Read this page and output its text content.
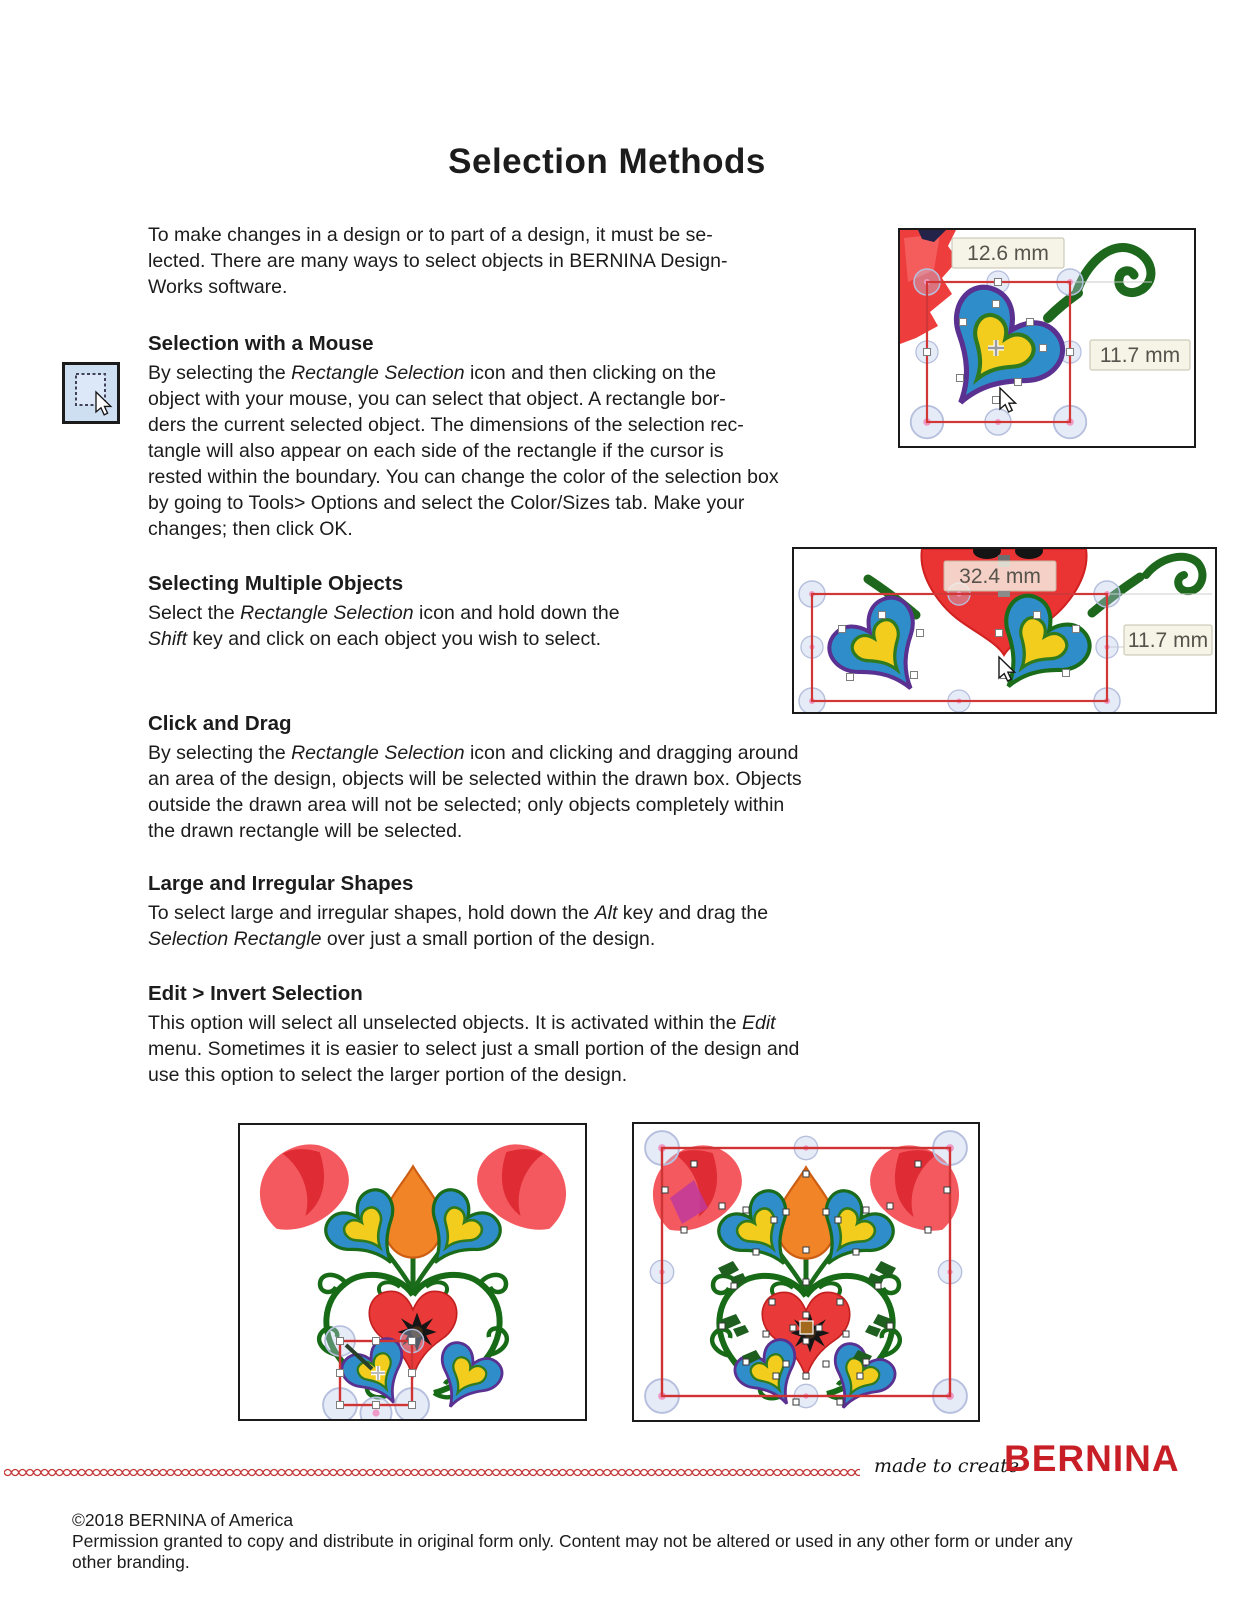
Selection Methods
To make changes in a design or to part of a design, it must be se-
lected. There are many ways to select objects in BERNINA Design-
Works software.
Selection with a Mouse
By selecting the Rectangle Selection icon and then clicking on the
object with your mouse, you can select that object. A rectangle bor-
ders the current selected object. The dimensions of the selection rec-
tangle will also appear on each side of the rectangle if the cursor is
rested within the boundary. You can change the color of the selection box
by going to Tools> Options and select the Color/Sizes tab. Make your
changes; then click OK.
Selecting Multiple Objects
Select the Rectangle Selection icon and hold down the
Shift key and click on each object you wish to select.
Click and Drag
By selecting the Rectangle Selection icon and clicking and dragging around
an area of the design, objects will be selected within the drawn box. Objects
outside the drawn area will not be selected; only objects completely within
the drawn rectangle will be selected.
Large and Irregular Shapes
To select large and irregular shapes, hold down the Alt key and drag the
Selection Rectangle over just a small portion of the design.
Edit > Invert Selection
This option will select all unselected objects. It is activated within the Edit
menu. Sometimes it is easier to select just a small portion of the design and
use this option to select the larger portion of the design.
12.6 mm
11.7 mm
32.4 mm
11.7 mm
made to create
BERNINA
©2018 BERNINA of America
Permission granted to copy and distribute in original form only. Content may not be altered or used in any other form or under any
other branding.
